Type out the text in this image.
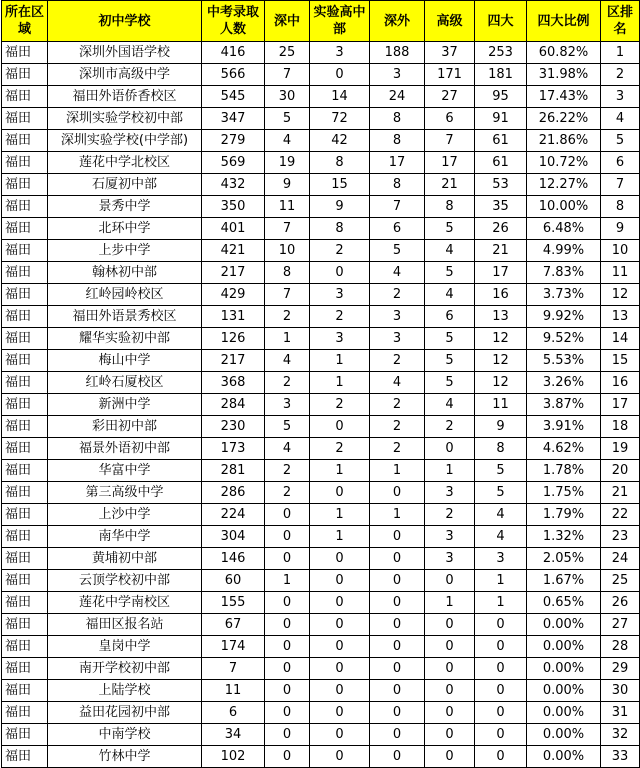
所在区域	初中学校	中考录取人数	深中	实验高中部	深外	高级	四大	四大比例	区排名
福田	深圳外国语学校	416	25	3	188	37	253	60.82%	1
福田	深圳市高级中学	566	7	0	3	171	181	31.98%	2
福田	福田外语侨香校区	545	30	14	24	27	95	17.43%	3
福田	深圳实验学校初中部	347	5	72	8	6	91	26.22%	4
福田	深圳实验学校(中学部)	279	4	42	8	7	61	21.86%	5
福田	莲花中学北校区	569	19	8	17	17	61	10.72%	6
福田	石厦初中部	432	9	15	8	21	53	12.27%	7
福田	景秀中学	350	11	9	7	8	35	10.00%	8
福田	北环中学	401	7	8	6	5	26	6.48%	9
福田	上步中学	421	10	2	5	4	21	4.99%	10
福田	翰林初中部	217	8	0	4	5	17	7.83%	11
福田	红岭园岭校区	429	7	3	2	4	16	3.73%	12
福田	福田外语景秀校区	131	2	2	3	6	13	9.92%	13
福田	耀华实验初中部	126	1	3	3	5	12	9.52%	14
福田	梅山中学	217	4	1	2	5	12	5.53%	15
福田	红岭石厦校区	368	2	1	4	5	12	3.26%	16
福田	新洲中学	284	3	2	2	4	11	3.87%	17
福田	彩田初中部	230	5	0	2	2	9	3.91%	18
福田	福景外语初中部	173	4	2	2	0	8	4.62%	19
福田	华富中学	281	2	1	1	1	5	1.78%	20
福田	第三高级中学	286	2	0	0	3	5	1.75%	21
福田	上沙中学	224	0	1	1	2	4	1.79%	22
福田	南华中学	304	0	1	0	3	4	1.32%	23
福田	黄埔初中部	146	0	0	0	3	3	2.05%	24
福田	云顶学校初中部	60	1	0	0	0	1	1.67%	25
福田	莲花中学南校区	155	0	0	0	1	1	0.65%	26
福田	福田区报名站	67	0	0	0	0	0	0.00%	27
福田	皇岗中学	174	0	0	0	0	0	0.00%	28
福田	南开学校初中部	7	0	0	0	0	0	0.00%	29
福田	上陆学校	11	0	0	0	0	0	0.00%	30
福田	益田花园初中部	6	0	0	0	0	0	0.00%	31
福田	中南学校	34	0	0	0	0	0	0.00%	32
福田	竹林中学	102	0	0	0	0	0	0.00%	33
